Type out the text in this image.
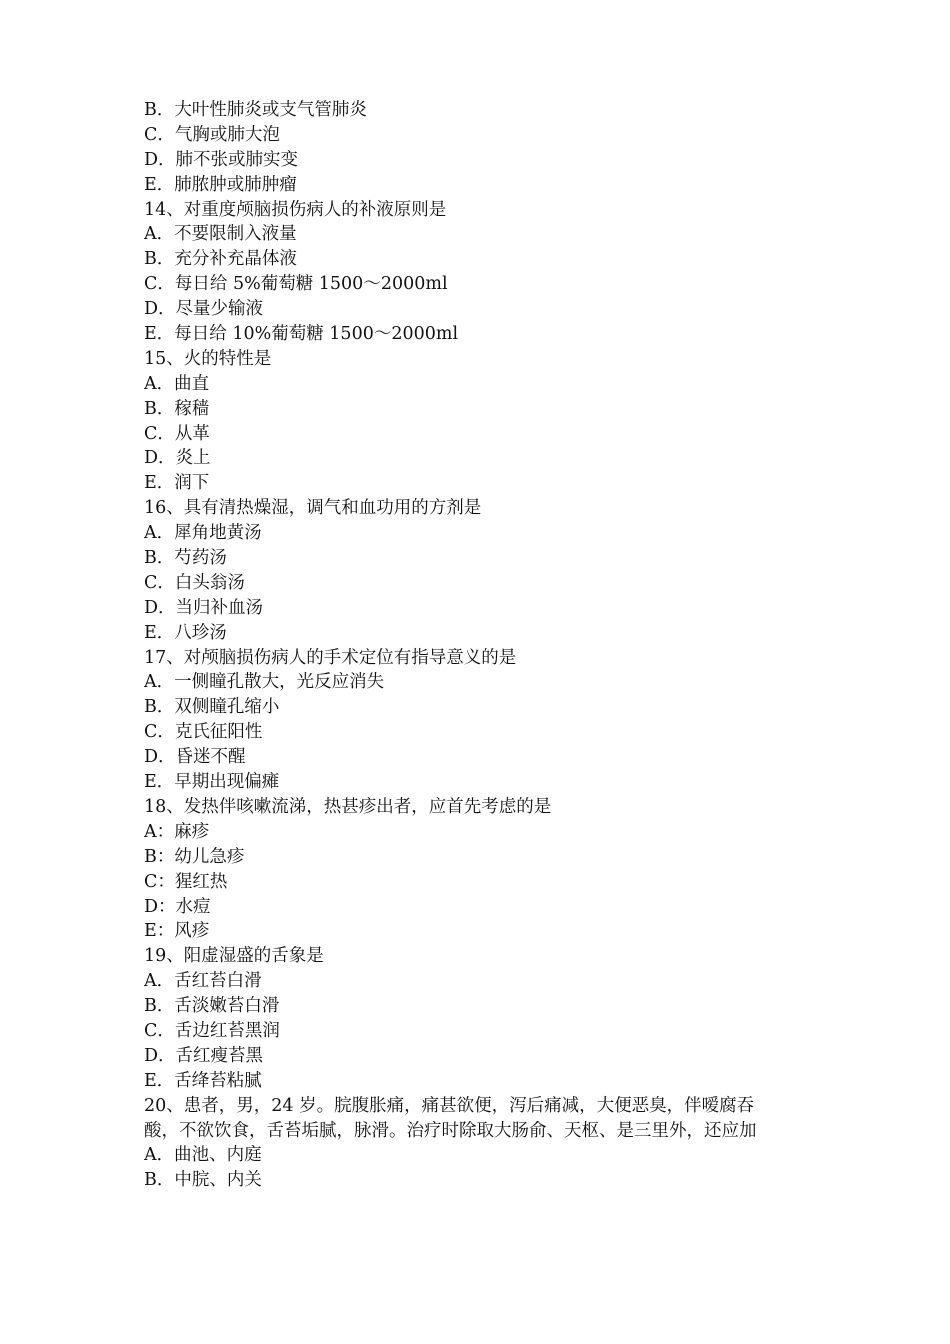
B．大叶性肺炎或支气管肺炎
C．气胸或肺大泡
D．肺不张或肺实变
E．肺脓肿或肺肿瘤
14、对重度颅脑损伤病人的补液原则是
A．不要限制入液量
B．充分补充晶体液
C．每日给 5%葡萄糖 1500～2000ml
D．尽量少输液
E．每日给 10%葡萄糖 1500～2000ml
15、火的特性是
A．曲直
B．稼穑
C．从革
D．炎上
E．润下
16、具有清热燥湿，调气和血功用的方剂是
A．犀角地黄汤
B．芍药汤
C．白头翁汤
D．当归补血汤
E．八珍汤
17、对颅脑损伤病人的手术定位有指导意义的是
A．一侧瞳孔散大，光反应消失
B．双侧瞳孔缩小
C．克氏征阳性
D．昏迷不醒
E．早期出现偏瘫
18、发热伴咳嗽流涕，热甚疹出者，应首先考虑的是
A：麻疹
B：幼儿急疹
C：猩红热
D：水痘
E：风疹
19、阳虚湿盛的舌象是
A．舌红苔白滑
B．舌淡嫩苔白滑
C．舌边红苔黑润
D．舌红瘦苔黑
E．舌绛苔粘腻
20、患者，男，24 岁。脘腹胀痛，痛甚欲便，泻后痛减，大便恶臭，伴嗳腐吞
酸，不欲饮食，舌苔垢腻，脉滑。治疗时除取大肠俞、天枢、是三里外，还应加
A．曲池、内庭
B．中脘、内关
